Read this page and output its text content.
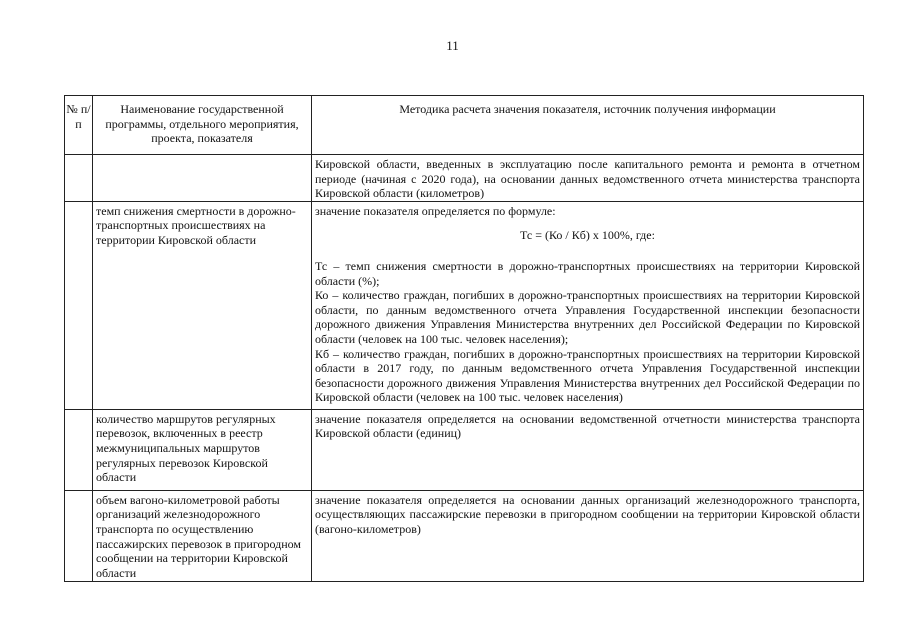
11
№ п/п	Наименование государственной программы, отдельного мероприятия, проекта, показателя	Методика расчета значения показателя, источник получения информации
		Кировской области, введенных в эксплуатацию после капитального ремонта и ремонта в отчетном периоде (начиная с 2020 года), на основании данных ведомственного отчета министерства транспорта Кировской области (километров)
	темп снижения смертности в дорожно-транспортных происшествиях на территории Кировской области	значение показателя определяется по формуле:

Тс = (Ко / Кб) х 100%, где:

Тс – темп снижения смертности в дорожно-транспортных происшествиях на территории Кировской области (%);

Ко – количество граждан, погибших в дорожно-транспортных происшествиях на территории Кировской области, по данным ведомственного отчета Управления Государственной инспекции безопасности дорожного движения Управления Министерства внутренних дел Российской Федерации по Кировской области (человек на 100 тыс. человек населения);

Кб – количество граждан, погибших в дорожно-транспортных происшествиях на территории Кировской области в 2017 году, по данным ведомственного отчета Управления Государственной инспекции безопасности дорожного движения Управления Министерства внутренних дел Российской Федерации по Кировской области (человек на 100 тыс. человек населения)

	количество маршрутов регулярных перевозок, включенных в реестр межмуниципальных маршрутов регулярных перевозок Кировской области	значение показателя определяется на основании ведомственной отчетности министерства транспорта Кировской области (единиц)
	объем вагоно-километровой работы организаций железнодорожного транспорта по осуществлению пассажирских перевозок в пригородном сообщении на территории Кировской области	значение показателя определяется на основании данных организаций железнодорожного транспорта, осуществляющих пассажирские перевозки в пригородном сообщении на территории Кировской области (вагоно-километров)
